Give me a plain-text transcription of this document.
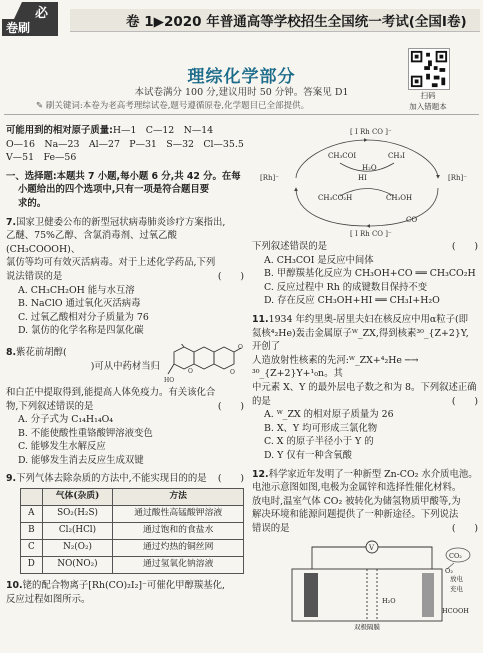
必
卷刷	卷 1▶2020 年普通高等学校招生全国统一考试(全国Ⅰ卷)
扫码
加入错题本
理综化学部分
本试卷满分 100 分,建议用时 50 分钟。答案见 D1
✎ 刷关键词:本卷为老高考理综试卷,题号遵循原卷,化学题目已全部提供。

可能用到的相对原子质量:H—1　C—12　N—14

O—16　Na—23　Al—27　P—31　S—32　Cl—35.5

V—51　Fe—56

一、选择题:本题共 7 小题,每小题 6 分,共 42 分。在每

小题给出的四个选项中,只有一项是符合题目要

求的。

7.国家卫健委公布的新型冠状病毒肺炎诊疗方案指出,

乙醚、75%乙醇、含氯消毒剂、过氧乙酸(CH₃COOOH)、

氯仿等均可有效灭活病毒。对于上述化学药品,下列

说法错误的是	(　　)

A. CH₃CH₂OH 能与水互溶

B. NaClO 通过氧化灭活病毒

C. 过氧乙酸相对分子质量为 76

D. 氯仿的化学名称是四氯化碳

O
O
HO
O

8.紫花前胡醇(

)可从中药材当归

和白芷中提取得到,能提高人体免疫力。有关该化合

物,下列叙述错误的是	(　　)

A. 分子式为 C₁₄H₁₄O₄

B. 不能使酸性重铬酸钾溶液变色

C. 能够发生水解反应

D. 能够发生消去反应生成双键

9.下列气体去除杂质的方法中,不能实现目的的是 (　　)

	气体(杂质)	方法
A	SO₂(H₂S)	通过酸性高锰酸钾溶液
B	Cl₂(HCl)	通过饱和的食盐水
C	N₂(O₂)	通过灼热的铜丝网
D	NO(NO₂)	通过氢氧化钠溶液

10.铑的配合物离子[Rh(CO)₂I₂]⁻可催化甲醇羰基化,

反应过程如图所示。

[ I Rh CO ]⁻
[Rh]⁻
[ I Rh CO ]⁻
[Rh]⁻
CH₃COI	CH₃I
CH₃CO₂H
HI
H₂O
CH₃OH
CO

下列叙述错误的是	(　　)

A. CH₃COI 是反应中间体

B. 甲醇羰基化反应为 CH₃OH+CO ══ CH₃CO₂H

C. 反应过程中 Rh 的成键数目保持不变

D. 存在反应 CH₃OH+HI ══ CH₃I+H₂O

11.1934 年约里奥-居里夫妇在核反应中用α粒子(即

氦核⁴₂He)轰击金属原子ᵂ_ZX,得到核素³⁰_{Z+2}Y,开创了

人造放射性核素的先河:ᵂ_ZX+⁴₂He ─→ ³⁰_{Z+2}Y+¹₀n。其

中元素 X、Y 的最外层电子数之和为 8。下列叙述正确

的是	(　　)

A. ᵂ_ZX 的相对原子质量为 26

B. X、Y 均可形成三氯化物

C. X 的原子半径小于 Y 的

D. Y 仅有一种含氧酸

12.科学家近年发明了一种新型 Zn-CO₂ 水介质电池。

电池示意图如图,电极为金属锌和选择性催化材料。

放电时,温室气体 CO₂ 被转化为储氢物质甲酸等,为

解决环境和能源问题提供了一种新途径。下列说法

错误的是	(　　)

V
CO₂
放电
充电
O₂
HCOOH
H₂O
双极隔膜
